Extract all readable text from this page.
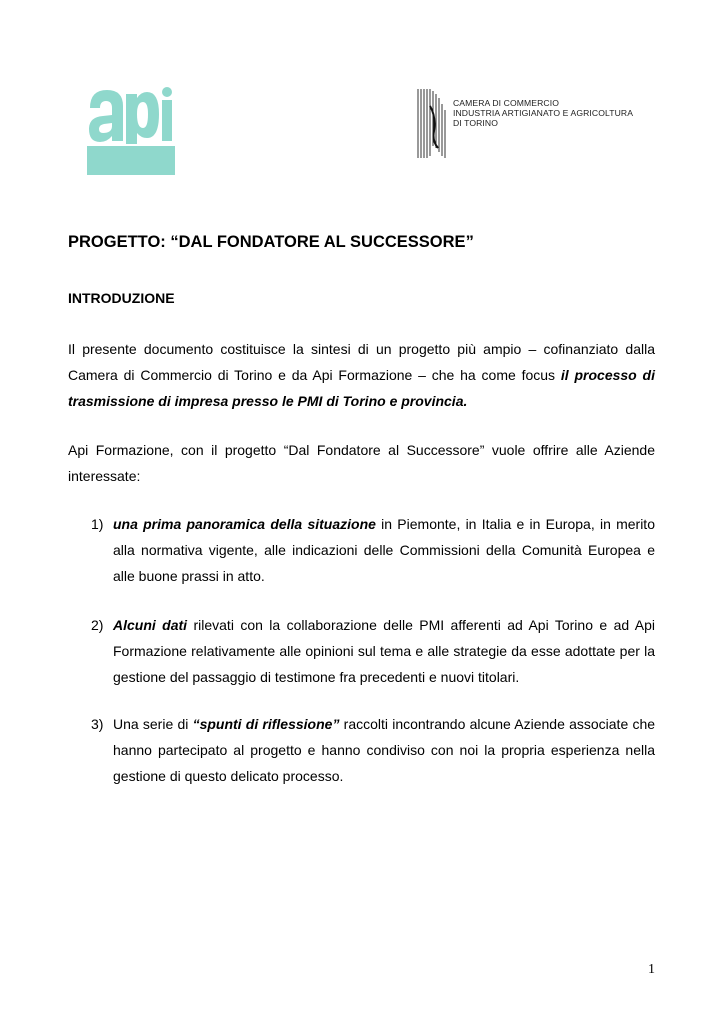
CAMERA DI COMMERCIO
INDUSTRIA ARTIGIANATO E AGRICOLTURA
DI TORINO
PROGETTO: “DAL FONDATORE AL SUCCESSORE”
INTRODUZIONE
Il presente documento costituisce la sintesi di un progetto più ampio – cofinanziato dalla Camera di Commercio di Torino e da Api Formazione – che ha come focus il processo di trasmissione di impresa presso le PMI di Torino e provincia.
Api Formazione, con il progetto “Dal Fondatore al Successore” vuole offrire alle Aziende interessate:
1) una prima panoramica della situazione in Piemonte, in Italia e in Europa, in merito alla normativa vigente, alle indicazioni delle Commissioni della Comunità Europea e alle buone prassi in atto.
2) Alcuni dati rilevati con la collaborazione delle PMI afferenti ad Api Torino e ad Api Formazione relativamente alle opinioni sul tema e alle strategie da esse adottate per la gestione del passaggio di testimone fra precedenti e nuovi titolari.
3) Una serie di “spunti di riflessione” raccolti incontrando alcune Aziende associate che hanno partecipato al progetto e hanno condiviso con noi la propria esperienza nella gestione di questo delicato processo.
1
